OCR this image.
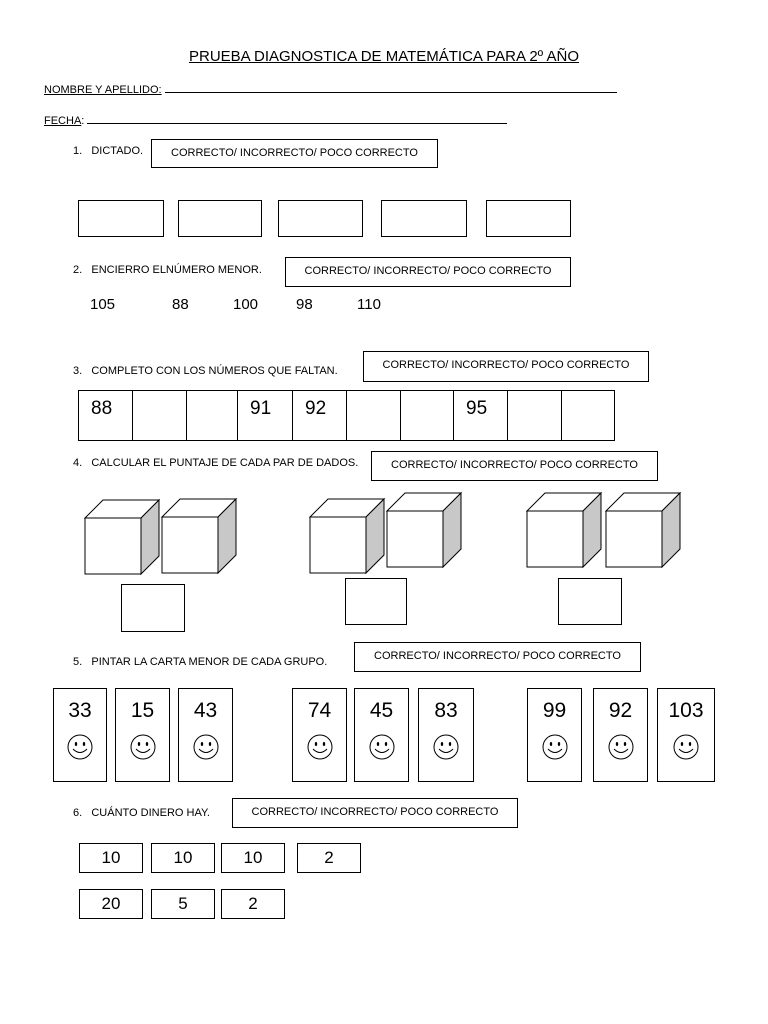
PRUEBA DIAGNOSTICA DE MATEMÁTICA PARA 2º AÑO
NOMBRE Y APELLIDO:
FECHA:
1. DICTADO.	CORRECTO/ INCORRECTO/ POCO CORRECTO
2. ENCIERRO ELNÚMERO MENOR.	CORRECTO/ INCORRECTO/ POCO CORRECTO
105	88	100	98	110
3. COMPLETO CON LOS NÚMEROS QUE FALTAN.	CORRECTO/ INCORRECTO/ POCO CORRECTO
88	91	92	95
4. CALCULAR EL PUNTAJE DE CADA PAR DE DADOS.	CORRECTO/ INCORRECTO/ POCO CORRECTO
5. PINTAR LA CARTA MENOR DE CADA GRUPO.	CORRECTO/ INCORRECTO/ POCO CORRECTO
33	15	43	74	45	83	99	92	103
6. CUÁNTO DINERO HAY.	CORRECTO/ INCORRECTO/ POCO CORRECTO
10	10	10	2
20	5	2
